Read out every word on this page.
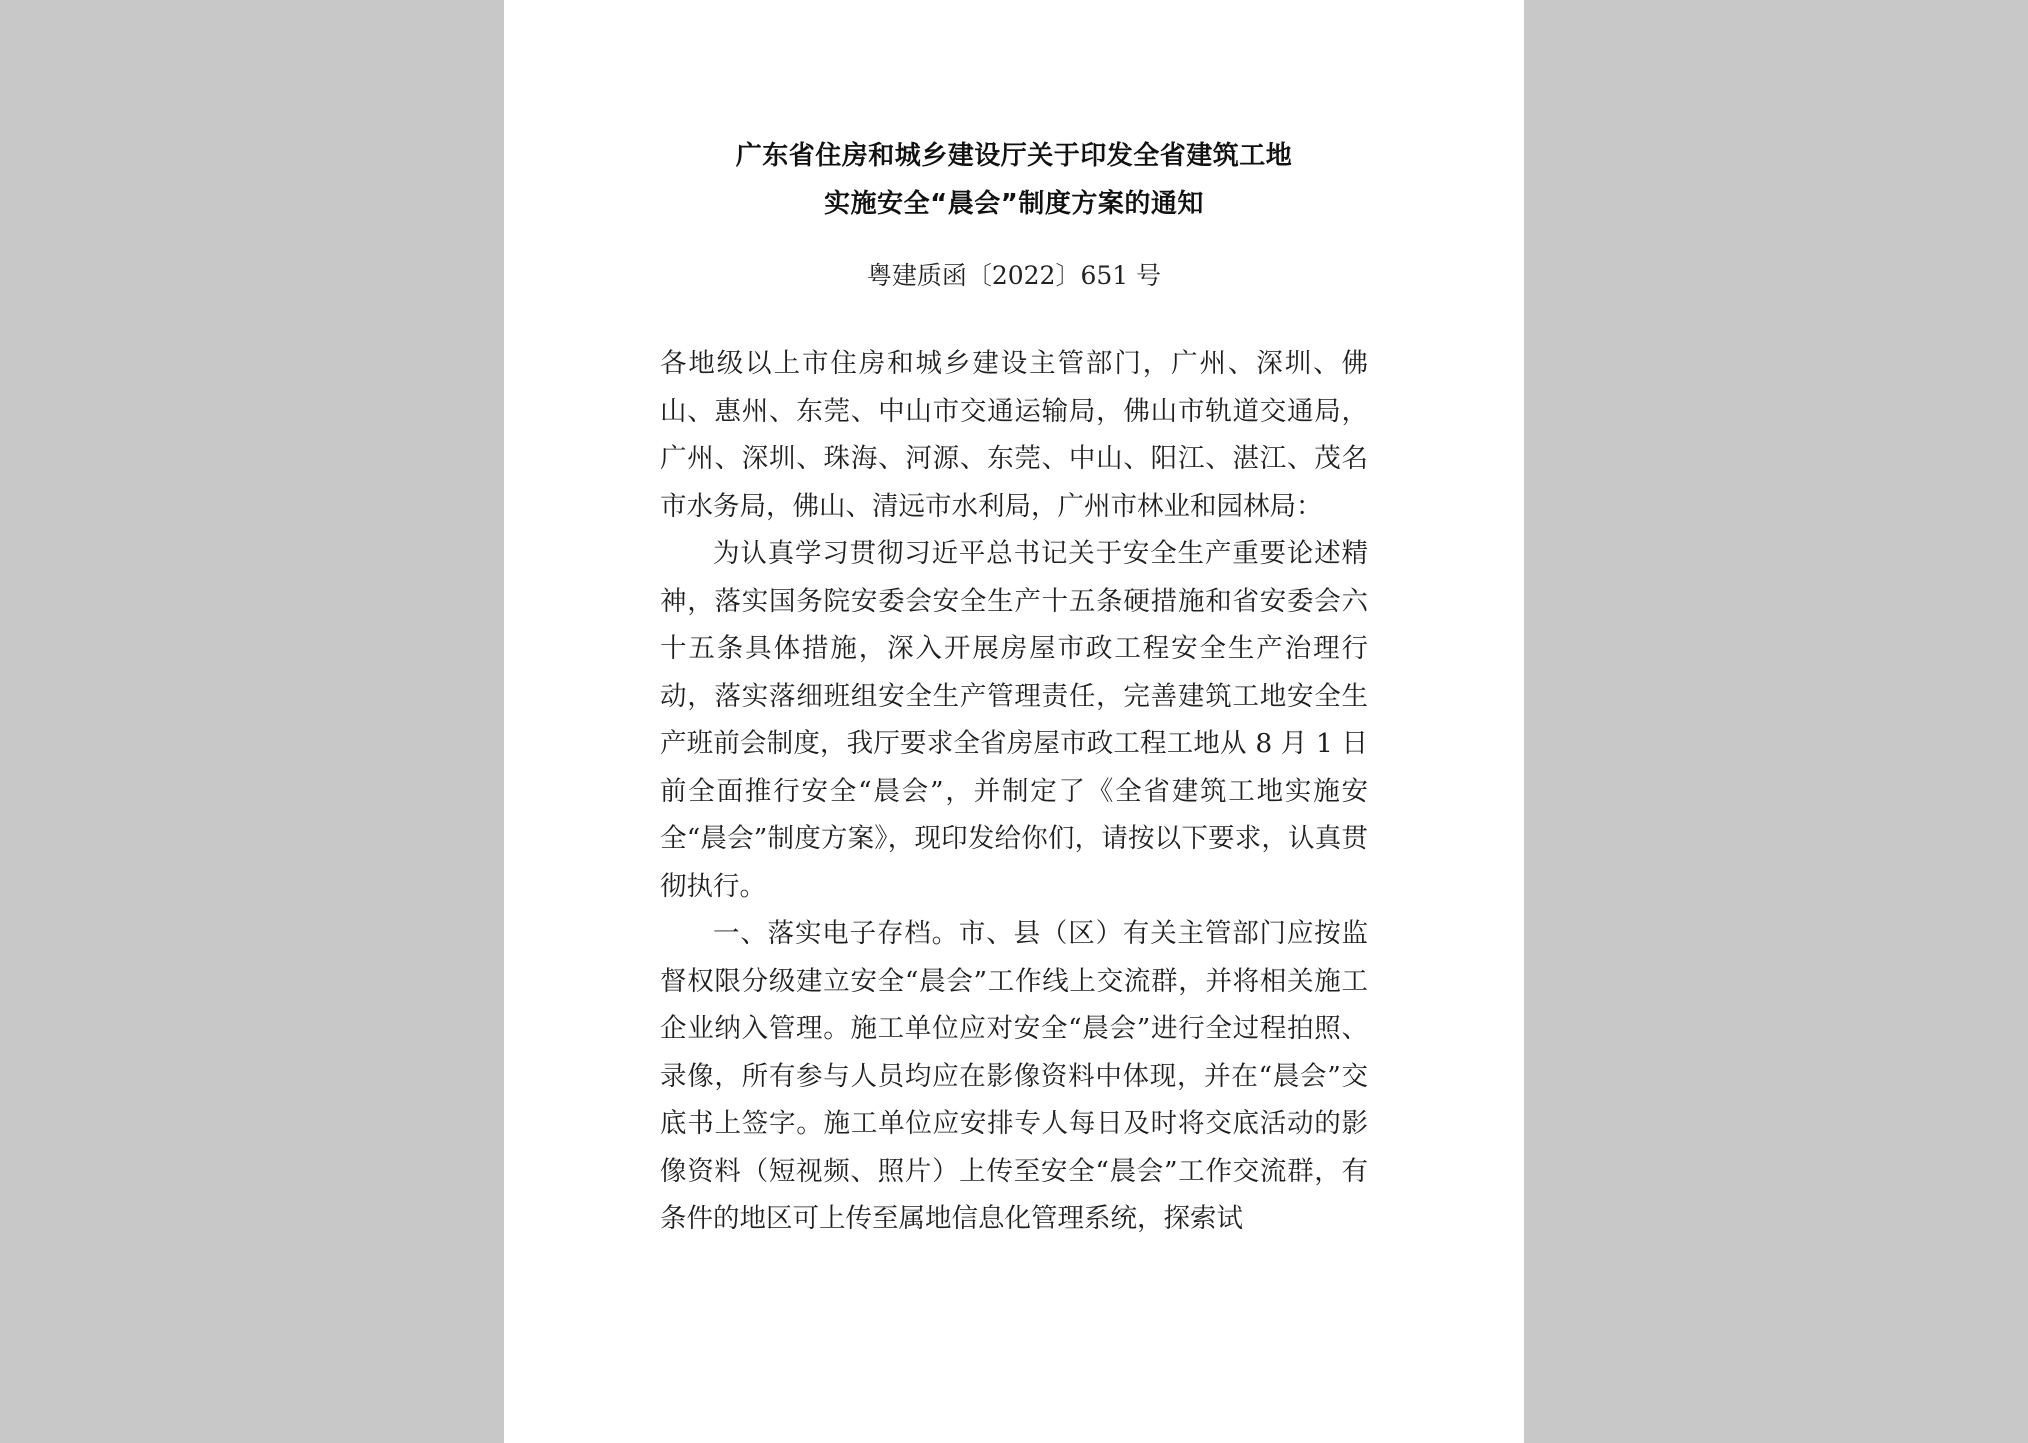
广东省住房和城乡建设厅关于印发全省建筑工地
实施安全“晨会”制度方案的通知
粤建质函〔2022〕651 号

各地级以上市住房和城乡建设主管部门，广州、深圳、佛山、惠州、东莞、中山市交通运输局，佛山市轨道交通局，广州、深圳、珠海、河源、东莞、中山、阳江、湛江、茂名市水务局，佛山、清远市水利局，广州市林业和园林局：

为认真学习贯彻习近平总书记关于安全生产重要论述精神，落实国务院安委会安全生产十五条硬措施和省安委会六十五条具体措施，深入开展房屋市政工程安全生产治理行动，落实落细班组安全生产管理责任，完善建筑工地安全生产班前会制度，我厅要求全省房屋市政工程工地从 8 月 1 日前全面推行安全“晨会”，并制定了《全省建筑工地实施安全“晨会”制度方案》，现印发给你们，请按以下要求，认真贯彻执行。

一、落实电子存档。市、县（区）有关主管部门应按监督权限分级建立安全“晨会”工作线上交流群，并将相关施工企业纳入管理。施工单位应对安全“晨会”进行全过程拍照、录像，所有参与人员均应在影像资料中体现，并在“晨会”交底书上签字。施工单位应安排专人每日及时将交底活动的影像资料（短视频、照片）上传至安全“晨会”工作交流群，有条件的地区可上传至属地信息化管理系统，探索试
